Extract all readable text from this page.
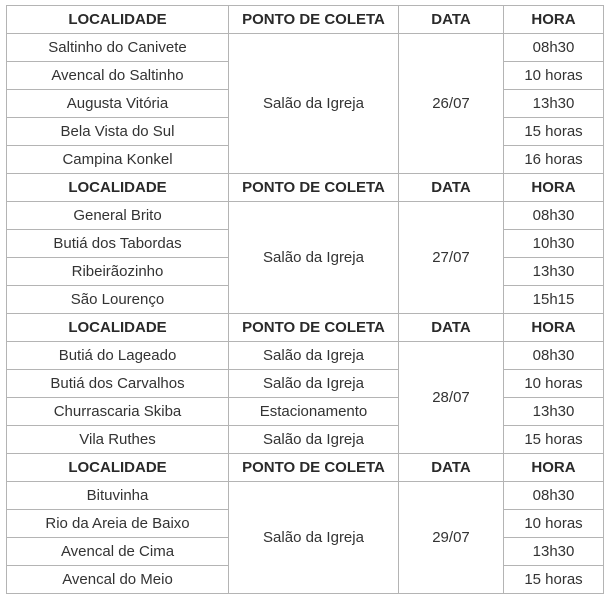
LOCALIDADE	PONTO DE COLETA	DATA	HORA
Saltinho do Canivete	Salão da Igreja	26/07	08h30
Avencal do Saltinho			10 horas
Augusta Vitória			13h30
Bela Vista do Sul			15 horas
Campina Konkel			16 horas
LOCALIDADE	PONTO DE COLETA	DATA	HORA
General Brito	Salão da Igreja	27/07	08h30
Butiá dos Tabordas			10h30
Ribeirãozinho			13h30
São Lourenço			15h15
LOCALIDADE	PONTO DE COLETA	DATA	HORA
Butiá do Lageado	Salão da Igreja	28/07	08h30
Butiá dos Carvalhos	Salão da Igreja		10 horas
Churrascaria Skiba	Estacionamento		13h30
Vila Ruthes	Salão da Igreja		15 horas
LOCALIDADE	PONTO DE COLETA	DATA	HORA
Bituvinha	Salão da Igreja	29/07	08h30
Rio da Areia de Baixo			10 horas
Avencal de Cima			13h30
Avencal do Meio			15 horas
